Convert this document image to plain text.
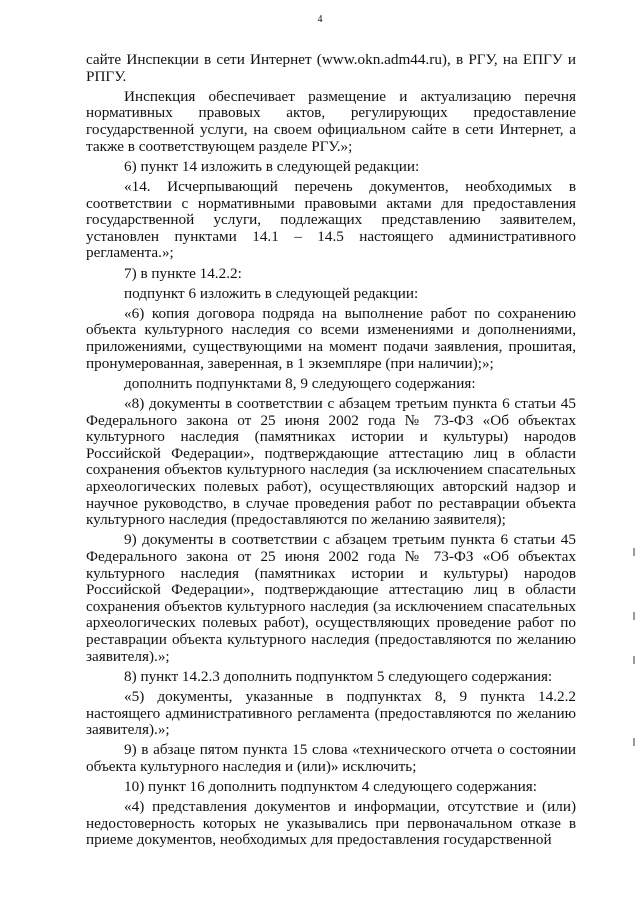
4

сайте Инспекции в сети Интернет (www.okn.adm44.ru), в РГУ, на ЕПГУ и РПГУ.

Инспекция обеспечивает размещение и актуализацию перечня нормативных правовых актов, регулирующих предоставление государственной услуги, на своем официальном сайте в сети Интернет, а также в соответствующем разделе РГУ.»;

6) пункт 14 изложить в следующей редакции:

«14. Исчерпывающий перечень документов, необходимых в соответствии с нормативными правовыми актами для предоставления государственной услуги, подлежащих представлению заявителем, установлен пунктами 14.1 – 14.5 настоящего административного регламента.»;

7) в пункте 14.2.2:

подпункт 6 изложить в следующей редакции:

«6) копия договора подряда на выполнение работ по сохранению объекта культурного наследия со всеми изменениями и дополнениями, приложениями, существующими на момент подачи заявления, прошитая, пронумерованная, заверенная, в 1 экземпляре (при наличии);»;

дополнить подпунктами 8, 9 следующего содержания:

«8) документы в соответствии с абзацем третьим пункта 6 статьи 45 Федерального закона от 25 июня 2002 года № 73-ФЗ «Об объектах культурного наследия (памятниках истории и культуры) народов Российской Федерации», подтверждающие аттестацию лиц в области сохранения объектов культурного наследия (за исключением спасательных археологических полевых работ), осуществляющих авторский надзор и научное руководство, в случае проведения работ по реставрации объекта культурного наследия (предоставляются по желанию заявителя);

9) документы в соответствии с абзацем третьим пункта 6 статьи 45 Федерального закона от 25 июня 2002 года № 73-ФЗ «Об объектах культурного наследия (памятниках истории и культуры) народов Российской Федерации», подтверждающие аттестацию лиц в области сохранения объектов культурного наследия (за исключением спасательных археологических полевых работ), осуществляющих проведение работ по реставрации объекта культурного наследия (предоставляются по желанию заявителя).»;

8) пункт 14.2.3 дополнить подпунктом 5 следующего содержания:

«5) документы, указанные в подпунктах 8, 9 пункта 14.2.2 настоящего административного регламента (предоставляются по желанию заявителя).»;

9) в абзаце пятом пункта 15 слова «технического отчета о состоянии объекта культурного наследия и (или)» исключить;

10) пункт 16 дополнить подпунктом 4 следующего содержания:

«4) представления документов и информации, отсутствие и (или) недостоверность которых не указывались при первоначальном отказе в приеме документов, необходимых для предоставления государственной
